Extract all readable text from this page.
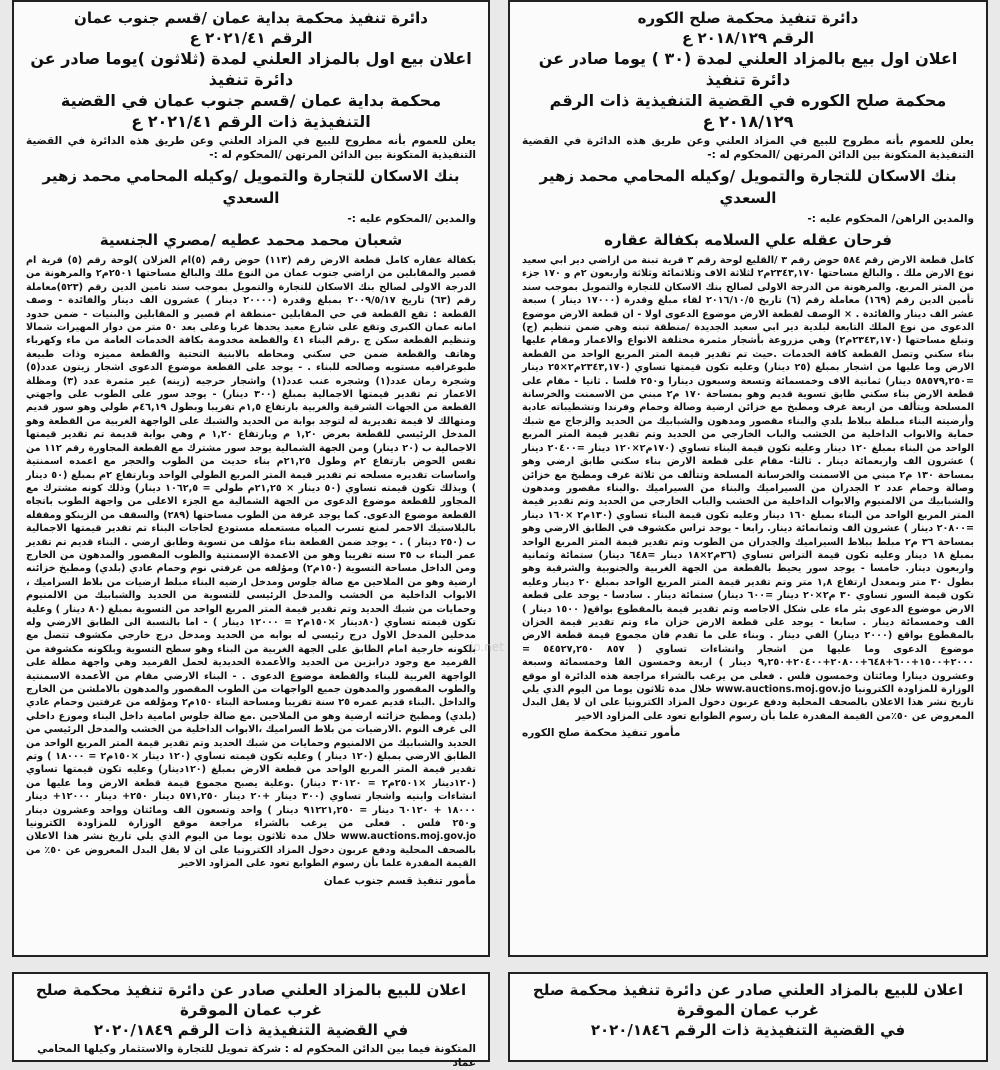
دائرة تنفيذ محكمة صلح الكوره

الرقم ٢٠١٨/١٢٩ ع

اعلان اول بيع بالمزاد العلني لمدة (٣٠ ) يوما صادر عن دائرة تنفيذ

محكمة صلح الكوره في القضية التنفيذية ذات الرقم ٢٠١٨/١٢٩ ع

يعلن للعموم بأنه مطروح للبيع في المزاد العلني وعن طريق هذه الدائرة في القضية التنفيذية المتكونة بين الدائن المرتهن /المحكوم له :-

بنك الاسكان للتجارة والتمويل /وكيله المحامي محمد زهير السعدي

والمدين الراهن/ المحكوم عليه :-

فرحان عقله علي السلامه بكفالة عقاره

كامل قطعة الارض رقم ٥٨٤ حوض رقم ٣ /القليع لوحة رقم ٣ قرية تبنة من اراضي دير ابي سعيد نوع الارض ملك . والبالغ مساحتها ٢٣٤٣,١٧٠م٢ لثلاثة الاف وثلاثمائة وثلاثة واربعون ٢م و ١٧٠ جزء من المتر المربع. والمرهونة من الدرجة الاولى لصالح بنك الاسكان للتجارة والتمويل بموجب سند تأمين الدين رقم (١٦٩) معاملة رقم (٦) تاريخ ٢٠١٦/١٠/٥ لقاء مبلغ وقدرة (١٧٠٠٠ دينار ) سبعة عشر الف دينار والفائدة . × الوصف لقطعة الارض موضوع الدعوى اولا - ان قطعة الارض موضوع الدعوى من نوع الملك التابعة لبلدية دير ابي سعيد الجديدة /منطقة تبنه وهي ضمن تنظيم (ج) وتبلغ مساحتها (٢٣٤٣,١٧٠م٢) وهي مزروعة بأشجار مثمرة مختلفة الانواع والاعمار ومقام عليها بناء سكني وتصل القطعة كافة الخدمات .حيث تم تقدير قيمة المتر المربع الواحد من القطعة الارض وما عليها من اشجار بمبلغ (٢٥ دينار) وعليه تكون قيمتها تساوي (٢٣٤٣,١٧٠م٢×٢٥ دينار =٥٨٥٧٩,٢٥٠ دينار) ثمانية الاف وخمسمائة وتسعة وسبعون دينارا و٢٥٠ فلسا . ثانيا - مقام على قطعة الارض بناء سكني طابق تسوية قديم وهو بمساحة ١٧٠ م٢ مبني من الاسمنت والخرسانة المسلحة ويتألف من اربعة غرف ومطبخ مع خزائن ارضية وصالة وحمام وفرندا وتشطيباته عادية وأرضيته البناء مبلطة ببلاط بلدي والبناء مقصور ومدهون والشبابيك من الحديد والزجاج مع شبك حماية والابواب الداخلية من الخشب والباب الخارجي من الحديد وتم تقدير قيمة المتر المربع الواحد من البناء بمبلغ ١٢٠ دينار وعليه تكون قيمة البناء تساوي (١٧٠م٢×١٢٠ دينار =٢٠٤٠٠ دينار ) عشرون الف واربعمائة دينار . ثالثا- مقام على قطعة الارض بناء سكني طابق ارضي وهو بمساحة ١٣٠ م٢ مبني من الاسمنت والخرسانة المسلحة وتتألف من ثلاثة غرف ومطبخ مع خزائن وصالة وحمام عدد ٢ الجدران من السيراميك والبناء من السيراميك .والبناء مقصور ومدهون والشبابيك من الالمنيوم والابواب الداخلية من الخشب والباب الخارجي من الحديد وتم تقدير قيمة المتر المربع الواحد من البناء بمبلغ ١٦٠ دينار وعليه تكون قيمة البناء تساوي (١٣٠م٢ ×١٦٠ دينار =٢٠٨٠٠ دينار ) عشرون الف وثمانمائة دينار. رابعا - يوجد تراس مكشوف في الطابق الارضي وهو بمساحة ٣٦ م٢ مبلط ببلاط السيراميك والجدران من الطوب وتم تقدير قيمة المتر المربع الواحد بمبلغ ١٨ دينار وعليه تكون قيمة التراس تساوي (٣٦م٢×١٨ دينار =٦٤٨ دينار) ستمائة وثمانية واربعون دينار. خامسا - يوجد سور يحيط بالقطعة من الجهة الغربية والجنوبية والشرقية وهو بطول ٣٠ متر وبمعدل ارتفاع ١,٨ متر وتم تقدير قيمة المتر المربع الواحد بمبلغ ٢٠ دينار وعليه تكون قيمة السور تساوي ٣٠ م٢×٢٠ دينار =٦٠٠ دينار) ستمائة دينار . سادسا - يوجد على قطعة الارض موضوع الدعوى بئر ماء على شكل الاجاصه وتم تقدير قيمة بالمقطوع بواقع( ١٥٠٠ دينار ) الف وخمسمائة دينار . سابعا - يوجد على قطعة الارض خزان ماء وتم تقدير قيمة الخزان بالمقطوع بواقع (٢٠٠٠ دينار) الفي دينار . وبناء على ما تقدم فان مجموع قيمة قطعة الارض موضوع الدعوى وما عليها من اشجار وانشاءات تساوي ( ٨٥٧ ٥٤٥٢٧,٢٥٠ = ٢٠٠٠+١٥٠٠+٦٠٠+٦٤٨+٢٠٨٠٠+٢٠٤٠٠+٩,٢٥٠ دينار ) اربعة وخمسون الفا وخمسمائة وسبعة وعشرون دينارا ومائتان وخمسون فلس . فعلى من يرغب بالشراء مراجعة هذه الدائرة او موقع الوزارة للمزاودة الكترونيا www.auctions.moj.gov.jo خلال مدة ثلاثون يوما من اليوم الذي يلي تاريخ نشر هذا الاعلان بالصحف المحلية ودفع عربون دخول المزاد الكترونيا على ان لا يقل البدل المعروض عن ٥٠٪من القيمة المقدرة علما بأن رسوم الطوابع تعود على المزاود الاخير

مأمور تنفيذ محكمة صلح الكوره

دائرة تنفيذ محكمة بداية عمان /قسم جنوب عمان

الرقم ٢٠٢١/٤١ ع

اعلان بيع اول بالمزاد العلني لمدة (ثلاثون )يوما صادر عن دائرة تنفيذ

محكمة بداية عمان /قسم جنوب عمان في القضية التنفيذية ذات الرقم ٢٠٢١/٤١ ع

يعلن للعموم بأنه مطروح للبيع في المزاد العلني وعن طريق هذه الدائرة في القضية التنفيذية المتكونة بين الدائن المرتهن /المحكوم له :-

بنك الاسكان للتجارة والتمويل /وكيله المحامي محمد زهير السعدي

والمدين /المحكوم عليه :-

شعبان محمد محمد عطيه /مصري الجنسية

بكفالة عقاره كامل قطعة الارض رقم (١١٣) حوض رقم (٥)ام الغزلان )لوحة رقم (٥) قرية ام قصير والمقابلين من اراضي جنوب عمان من النوع ملك والبالغ مساحتها ٢٥٠١م٢ والمرهونة من الدرجة الاولى لصالح بنك الاسكان للتجارة والتمويل بموجب سند تامين الدين رقم (٥٢٣)معاملة رقم (٦٣) تاريخ ٢٠٠٩/٥/١٧ بمبلغ وقدرة (٢٠٠٠٠ دينار ) عشرون الف دينار والفائدة - وصف القطعة : تقع القطعة في حي المقابلين -منطقة ام قصير و المقابلين والبنيات - ضمن حدود امانه عمان الكبرى وتقع على شارع معبد يحدها غربا وعلى بعد ٥٠ متر من دوار المهيرات شمالا وتنظيم القطعة سكن ج .رقم البناء ٤١ والقطعة مخدومة بكافة الخدمات العامة من ماء وكهرباء وهاتف والقطعة ضمن حي سكني ومحاطه بالابنية التحتية والقطعة مميزه وذات طبيعة طبوغرافيه مستويه وصالحه للبناء . - يوجد على القطعة موضوع الدعوى اشجار زيتون عدد(٥) وشجرة رمان عدد(١) وشجره عنب عدد(١) واشجار حرجيه (زينه) غير مثمرة عدد (٣) ومظلة الاعمار تم تقدير قيمتها الاجمالية بمبلغ (٣٠٠ دينار) - يوجد سور على الطوب على واجهتي القطعة من الجهات الشرقية والغربية بارتفاع ١,٥م تقريبا وبطول ٤٦,١٩م طولي وهو سور قديم ومتهالك لا قيمة تقديرية له لتوجد بوابة من الحديد والشبك على الواجهة الغربية من القطعة وهو المدخل الرئيسي للقطعة بعرض ١,٢٠ م وبارتفاع ١,٢٠ م وهي بوابة قديمة تم تقدير قيمتها الاجمالية ب (٢٠ دينار) ومن الجهة الشمالية يوجد سور مشترك مع القطعة المجاورة رقم ١١٢ من نفس الحوض بارتفاع ٢م وطول ٢١,٢٥م بناء حديث من الطوب والحجر مع اعمده اسمنتية واساسات تقديره مسلحه تم تقدير قيمة المتر المربع الطولي الواحد وبارتفاع ٢م بمبلغ (٥٠ دينار ) وبذلك تكون قيمته تساوي (٥٠ دينار × ٢١,٢٥م طولي = ١٠٦٢,٥ دينار) وذلك كونه مشترك مع المجاور للقطعة موضوع الدعوى من الجهة الشمالية مع الجزء الاعلى من واجهة الطوب باتجاه القطعة موضوع الدعوى. كما يوجد غرفة من الطوب مساحتها (٢٨٩) والسقف من الزينكو ومقفله بالبلاستيك الاحمر لمنع تسرب المياه مستعمله مستودع لحاجات البناء تم تقدير قيمتها الاجمالية ب (٢٥٠ دينار ) . - يوجد ضمن القطعة بناء مؤلف من تسوية وطابق ارضي . البناء قديم تم تقدير عمر البناء ب ٣٥ سنه تقريبا وهو من الاعمدة الإسمنتية والطوب المقصور والمدهون من الخارج ومن الداخل مساحة التسوية (١٥٠م٢) ومؤلفه من غرفتي نوم وحمام عادي (بلدي) ومطبخ خزائنه ارضية وهو من الملاحين مع صالة جلوس ومدخل ارضيه البناء مبلط ارضيات من بلاط السراميك ، الابواب الداخلية من الخشب والمدخل الرئيسي للتسوية من الحديد والشبابيك من الالمنيوم وحمايات من شبك الحديد وتم تقدير قيمة المتر المربع الواحد من التسوية بمبلغ (٨٠ دينار ) وعلية تكون قيمته تساوي (٨٠دينار ×١٥٠م٢ = ١٢٠٠٠ دينار ) - اما بالنسبة الى الطابق الارضي وله مدخلين المدخل الاول درج رئيسي له بوابه من الحديد ومدخل درج خارجي مكشوف تتصل مع بلكونه خارجية امام الطابق على الجهة الغربية من البناء وهو سطح التسوية وبلكونه مكشوفة من القرميد مع وجود درابزين من الحديد والأعمدة الحديدية لحمل القرميد وهي واجهة مطلة على الواجهة الغربية للبناء والقطعة موضوع الدعوى . - البناء الارضي مقام من الأعمدة الاسمنتية والطوب المقصور والمدهون جميع الواجهات من الطوب المقصور والمدهون بالاملشن من الخارج والداخل .البناء قديم عمره ٢٥ سنة تقريبا ومساحة البناء ١٥٠م٢ ومؤلفه من غرفتين وحمام عادي (بلدي) ومطبخ خزائنه ارضية وهو من الملاحين .مع صالة جلوس امامية داخل البناء وموزع داخلي الى غرف النوم .الارضيات من بلاط السراميك ،الابواب الداخلية من الخشب والمدخل الرئيسي من الحديد والشبابيك من الالمنيوم وحمايات من شبك الحديد وتم تقدير قيمة المتر المربع الواحد من الطابق الارضي بمبلغ (١٢٠ دينار ) وعليه تكون قيمته تساوي (١٢٠ دينار ×١٥٠م٢ = ١٨٠٠٠ ) وتم تقدير قيمة المتر المربع الواحد من قطعة الارض بمبلغ (١٢٠دينار) وعليه تكون قيمتها تساوي (١٢٠دينار ×٢٥٠١م٢ = ٣٠١٢٠ دينار) .وعلية يصبح مجموع قيمة قطعة الارض وما عليها من انشاءات وابنيه واشجار تساوي (٣٠٠ دينار +٢٠ دينار ٥٧١,٢٥٠ دينار ٢٥٠+ دينار ١٢٠٠٠+ دينار ١٨٠٠٠ + ٦٠١٢٠ دينار = ٩١٢٢١,٢٥٠ دينار ) واحد وتسعون الف ومائتان وواحد وعشرون دينار و٢٥٠ فلس . فعلى من يرغب بالشراء مراجعة موقع الوزارة للمزاودة الكترونيا www.auctions.moj.gov.jo خلال مدة ثلاثون يوما من اليوم الذي يلي تاريخ نشر هذا الاعلان بالصحف المحلية ودفع عربون دخول المزاد الكترونيا على ان لا يقل البدل المعروض عن ٥٠٪ من القيمة المقدرة علما بأن رسوم الطوابع تعود على المزاود الاخير

مأمور تنفيذ قسم جنوب عمان

اعلان للبيع بالمزاد العلني صادر عن دائرة تنفيذ محكمة صلح غرب عمان الموقرة

في القضية التنفيذية ذات الرقم ٢٠٢٠/١٨٤٦

اعلان للبيع بالمزاد العلني صادر عن دائرة تنفيذ محكمة صلح غرب عمان الموقرة

في القضية التنفيذية ذات الرقم ٢٠٢٠/١٨٤٩

المتكونة فيما بين الدائن المحكوم له : شركة تمويل للتجارة والاستثمار وكيلها المحامي عماد

jo.net
